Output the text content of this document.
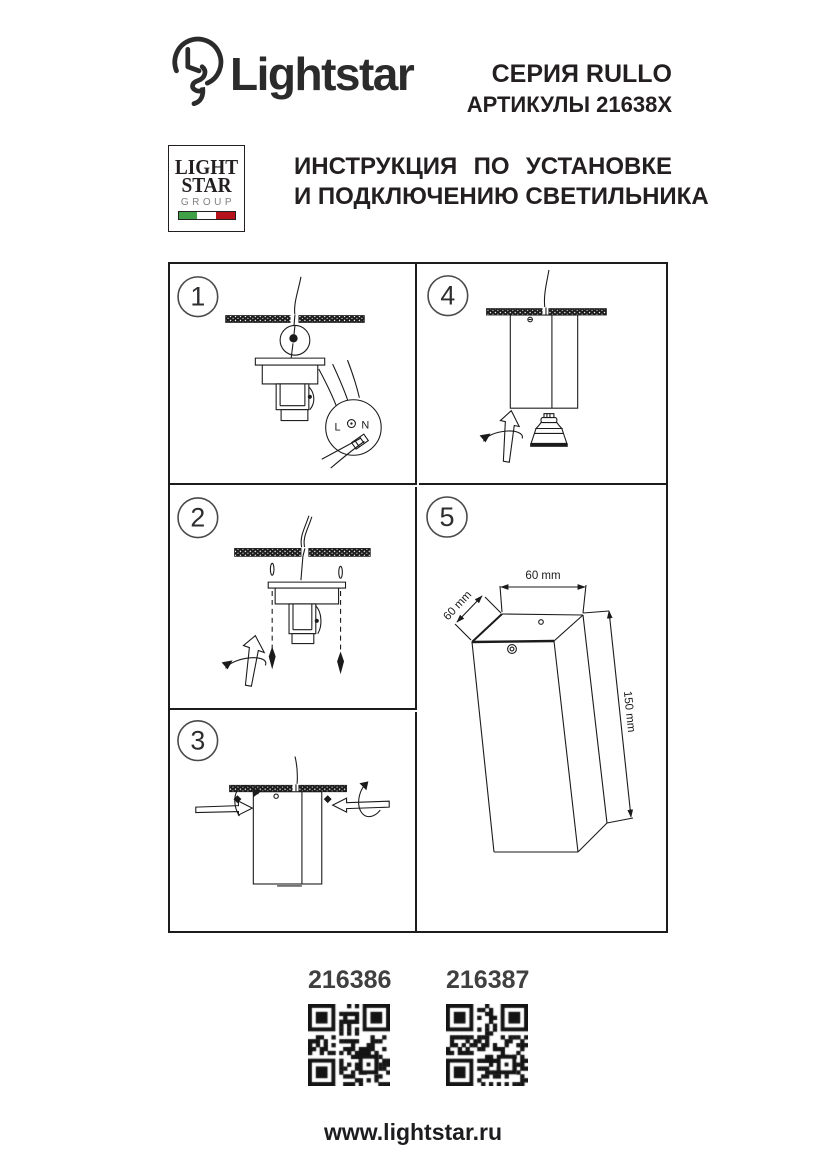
Lightstar	СЕРИЯ RULLO
АРТИКУЛЫ 21638X
LIGHT
STAR
GROUP
ИНСТРУКЦИЯ ПО УСТАНОВКЕ
И ПОДКЛЮЧЕНИЮ СВЕТИЛЬНИКА
1
L N
2
3
4
5
60 mm
60 mm
150 mm
216386 216387
www.lightstar.ru
